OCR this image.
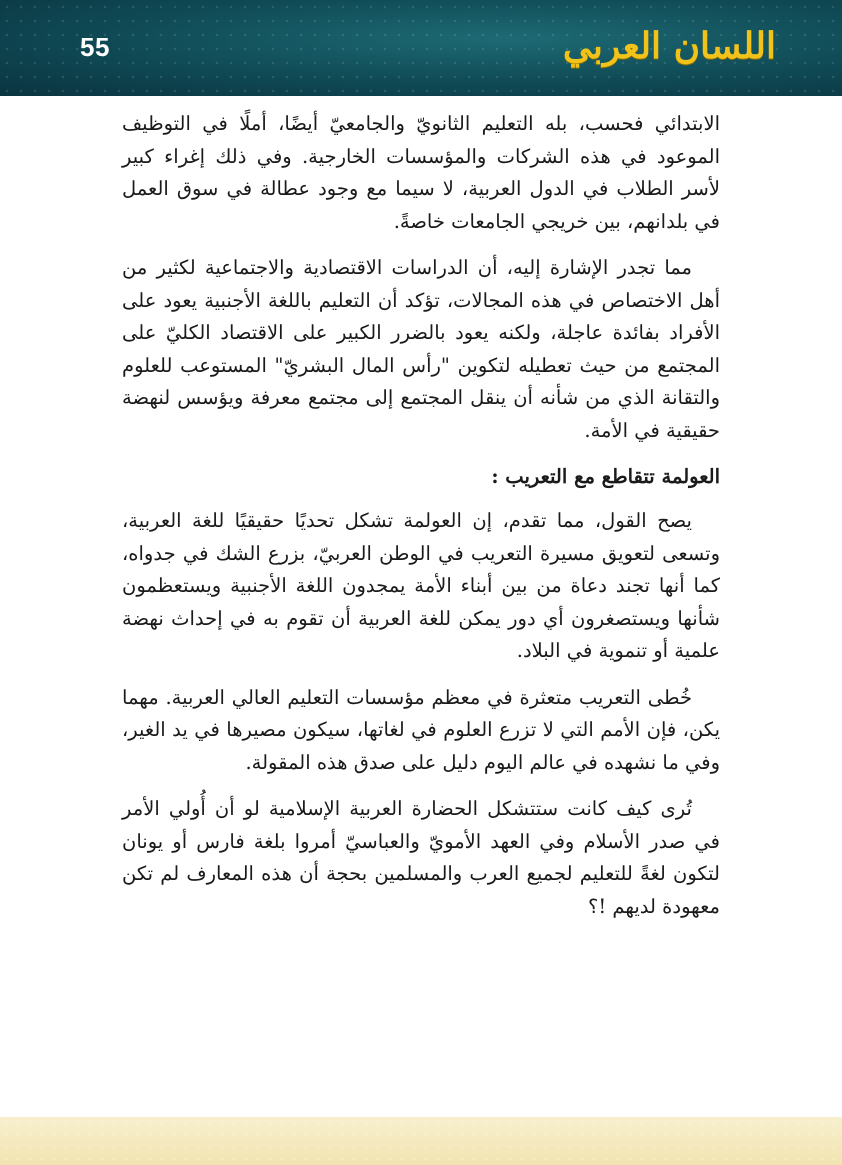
55	اللسان العربي

الابتدائي فحسب، بله التعليم الثانويّ والجامعيّ أيضًا، أملًا في التوظيف الموعود في هذه الشركات والمؤسسات الخارجية. وفي ذلك إغراء كبير لأسر الطلاب في الدول العربية، لا سيما مع وجود عطالة في سوق العمل في بلدانهم، بين خريجي الجامعات خاصةً.

مما تجدر الإشارة إليه، أن الدراسات الاقتصادية والاجتماعية لكثير من أهل الاختصاص في هذه المجالات، تؤكد أن التعليم باللغة الأجنبية يعود على الأفراد بفائدة عاجلة، ولكنه يعود بالضرر الكبير على الاقتصاد الكليّ على المجتمع من حيث تعطيله لتكوين "رأس المال البشريّ" المستوعب للعلوم والتقانة الذي من شأنه أن ينقل المجتمع إلى مجتمع معرفة ويؤسس لنهضة حقيقية في الأمة.

العولمة تتقاطع مع التعريب :

يصح القول، مما تقدم، إن العولمة تشكل تحديًا حقيقيًا للغة العربية، وتسعى لتعويق مسيرة التعريب في الوطن العربيّ، بزرع الشك في جدواه، كما أنها تجند دعاة من بين أبناء الأمة يمجدون اللغة الأجنبية ويستعظمون شأنها ويستصغرون أي دور يمكن للغة العربية أن تقوم به في إحداث نهضة علمية أو تنموية في البلاد.

خُطى التعريب متعثرة في معظم مؤسسات التعليم العالي العربية. مهما يكن، فإن الأمم التي لا تزرع العلوم في لغاتها، سيكون مصيرها في يد الغير، وفي ما نشهده في عالم اليوم دليل على صدق هذه المقولة.

تُرى كيف كانت ستتشكل الحضارة العربية الإسلامية لو أن أُولي الأمر في صدر الأسلام وفي العهد الأمويّ والعباسيّ أمروا بلغة فارس أو يونان لتكون لغةً للتعليم لجميع العرب والمسلمين بحجة أن هذه المعارف لم تكن معهودة لديهم !؟
